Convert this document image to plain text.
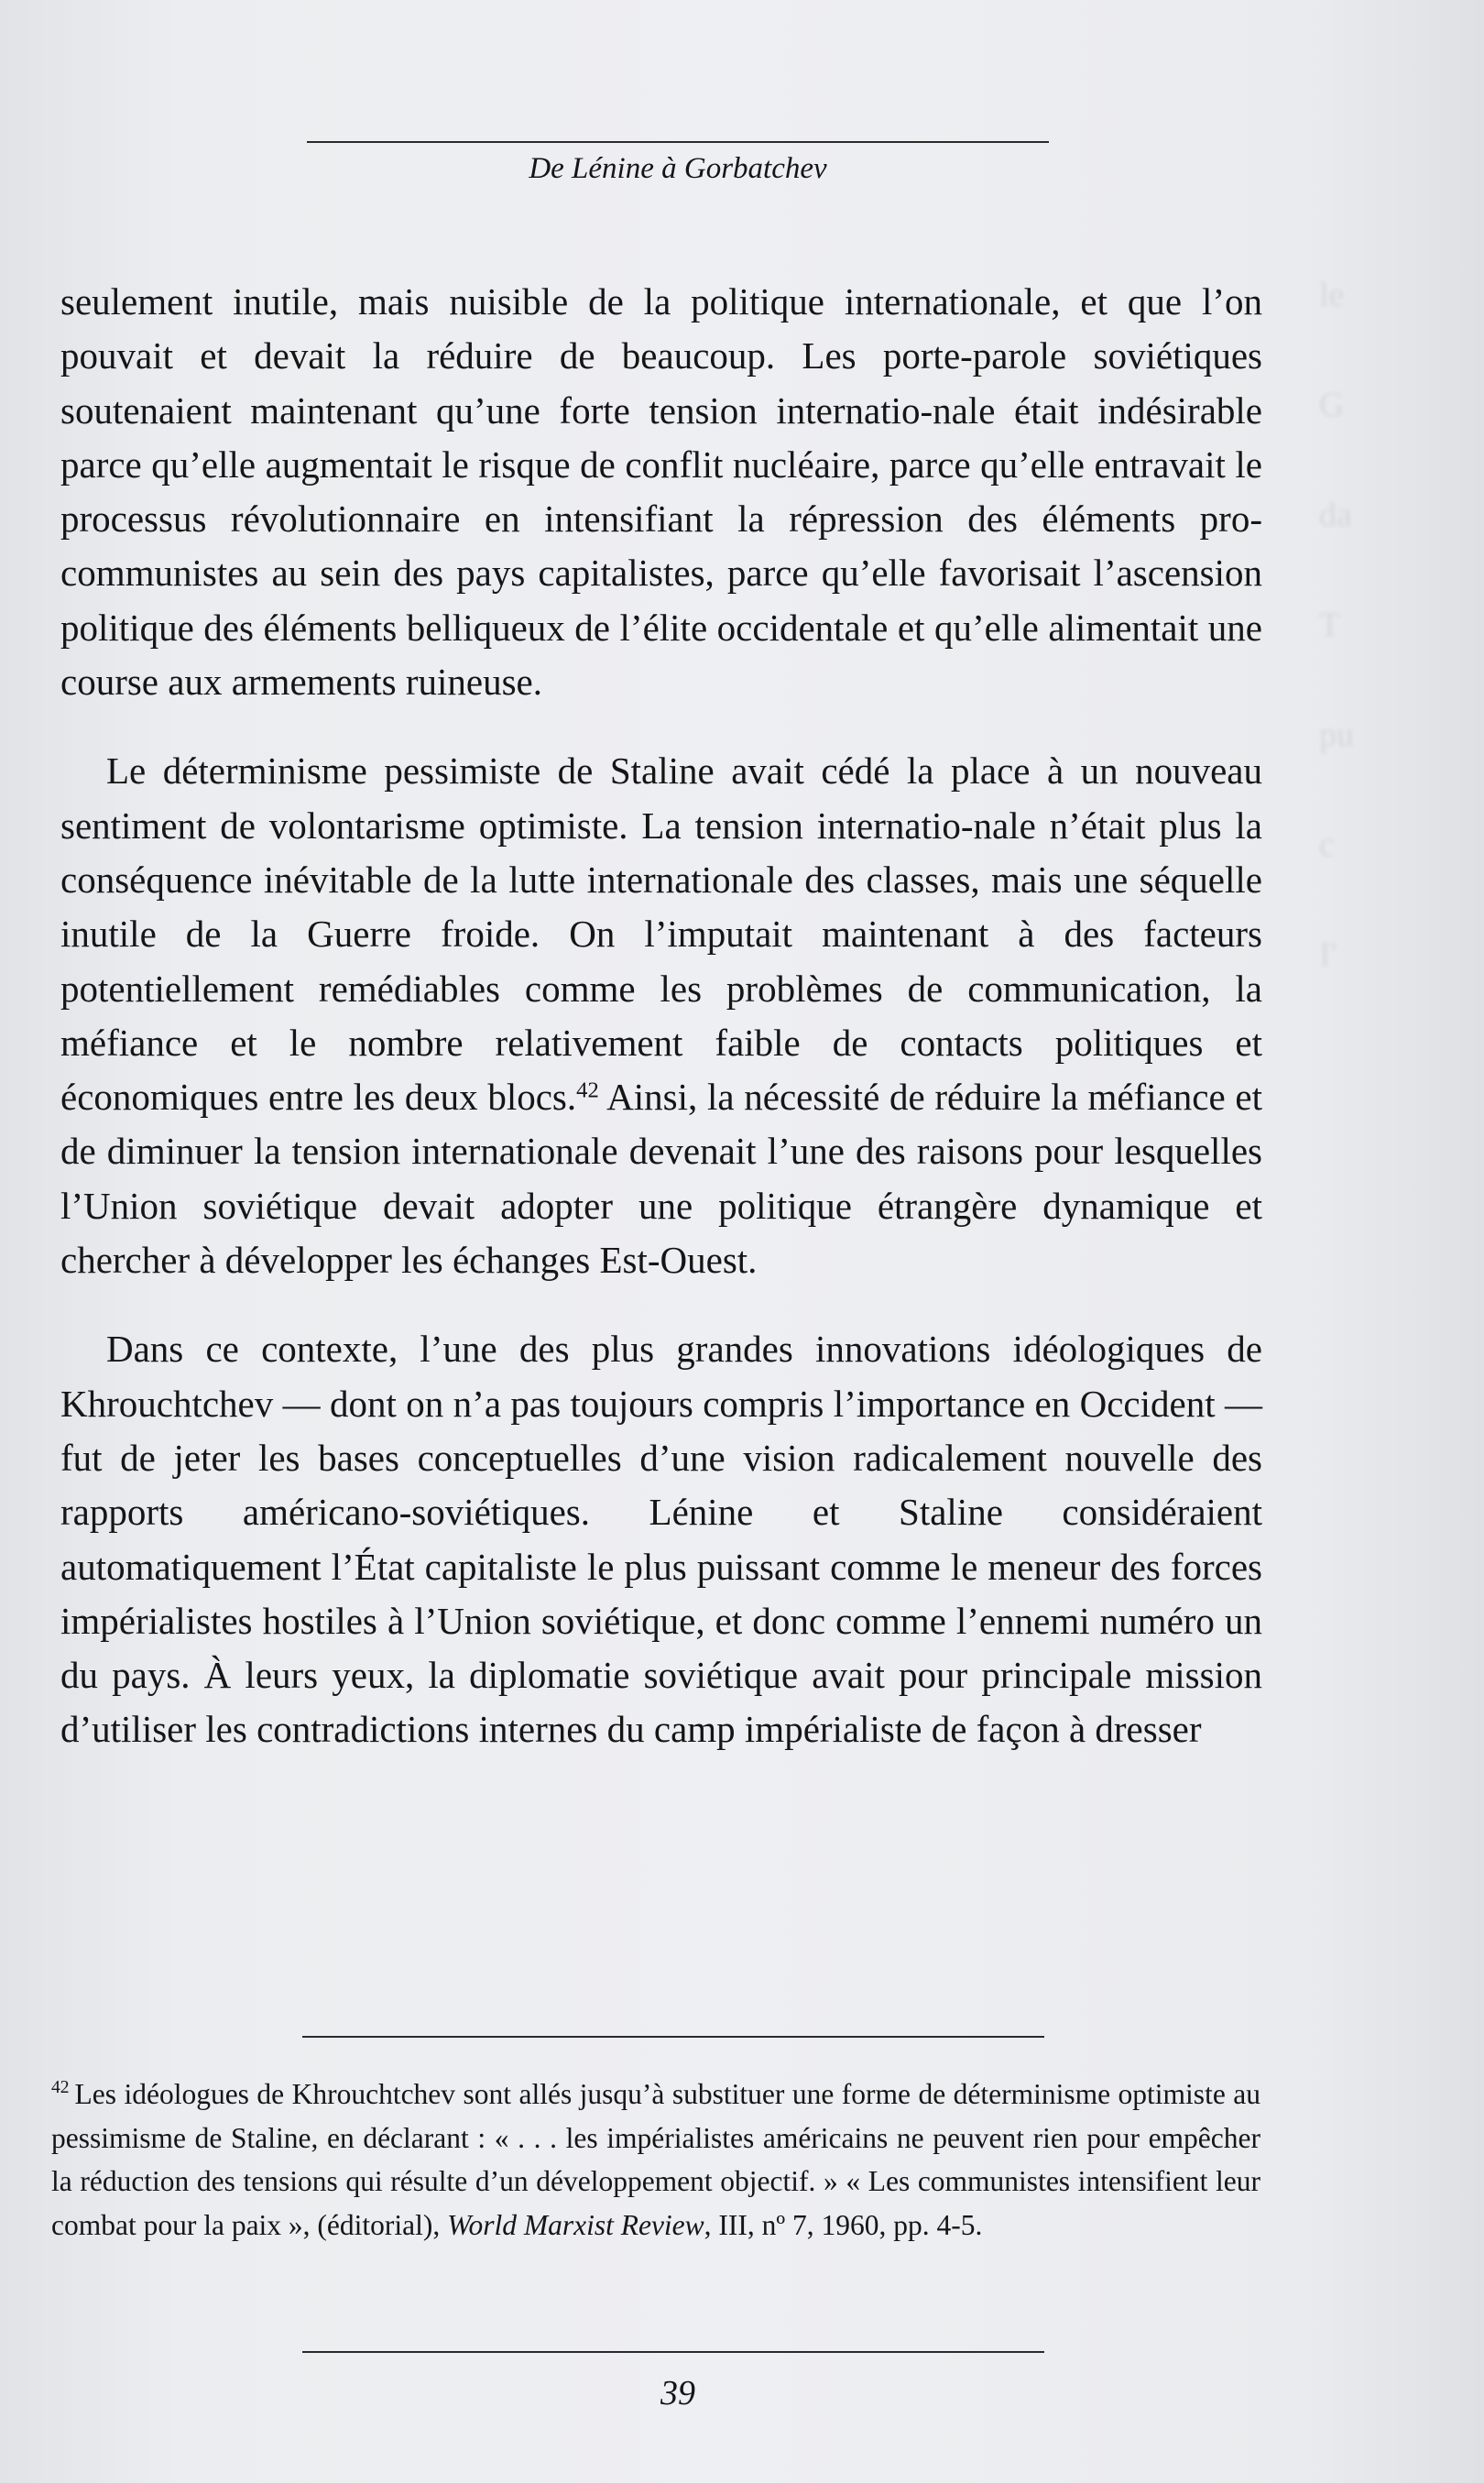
le
G
da
T
pu
c
I'
De Lénine à Gorbatchev

seulement inutile, mais nuisible de la politique internationale, et que l’on pouvait et devait la réduire de beaucoup. Les porte-parole soviétiques soutenaient maintenant qu’une forte tension internatio-nale était indésirable parce qu’elle augmentait le risque de conflit nucléaire, parce qu’elle entravait le processus révolutionnaire en intensifiant la répression des éléments pro-communistes au sein des pays capitalistes, parce qu’elle favorisait l’ascension politique des éléments belliqueux de l’élite occidentale et qu’elle alimentait une course aux armements ruineuse.

Le déterminisme pessimiste de Staline avait cédé la place à un nouveau sentiment de volontarisme optimiste. La tension internatio-nale n’était plus la conséquence inévitable de la lutte internationale des classes, mais une séquelle inutile de la Guerre froide. On l’imputait maintenant à des facteurs potentiellement remédiables comme les problèmes de communication, la méfiance et le nombre relativement faible de contacts politiques et économiques entre les deux blocs.$^{42}$ Ainsi, la nécessité de réduire la méfiance et de diminuer la tension internationale devenait l’une des raisons pour lesquelles l’Union soviétique devait adopter une politique étrangère dynamique et chercher à développer les échanges Est-Ouest.

Dans ce contexte, l’une des plus grandes innovations idéologiques de Khrouchtchev — dont on n’a pas toujours compris l’importance en Occident — fut de jeter les bases conceptuelles d’une vision radicalement nouvelle des rapports américano-soviétiques. Lénine et Staline considéraient automatiquement l’État capitaliste le plus puissant comme le meneur des forces impérialistes hostiles à l’Union soviétique, et donc comme l’ennemi numéro un du pays. À leurs yeux, la diplomatie soviétique avait pour principale mission d’utiliser les contradictions internes du camp impérialiste de façon à dresser

$^{42}$ Les idéologues de Khrouchtchev sont allés jusqu’à substituer une forme de déterminisme optimiste au pessimisme de Staline, en déclarant : « . . . les impérialistes américains ne peuvent rien pour empêcher la réduction des tensions qui résulte d’un développement objectif. » « Les communistes intensifient leur combat pour la paix », (éditorial), World Marxist Review, III, nº 7, 1960, pp. 4-5.
39
